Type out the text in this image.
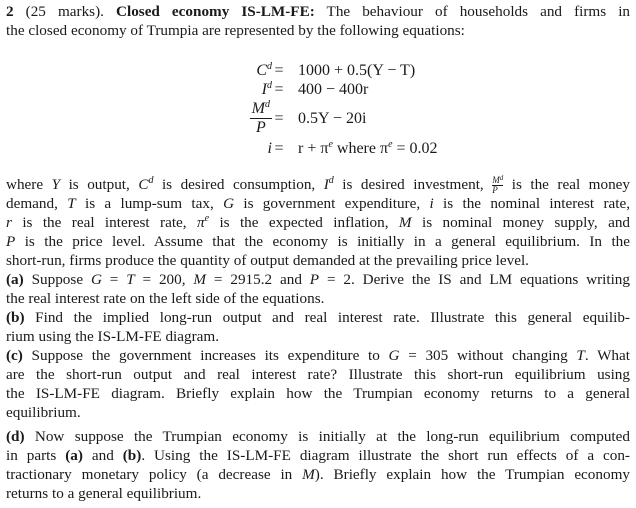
2 (25 marks). Closed economy IS-LM-FE: The behaviour of households and firms in
the closed economy of Trumpia are represented by the following equations:
$C^d = 1000 + 0.5(Y - T)$
$I^d = 400 - 400r$
$\frac{M^d}{P} = 0.5Y - 20i$
$i = r + \pi^e$ where $\pi^e = 0.02$
where Y is output, $C^d$ is desired consumption, $I^d$ is desired investment, $\frac{M^d}{P}$ is the real money
demand, T is a lump-sum tax, G is government expenditure, i is the nominal interest rate,
r is the real interest rate, $\pi^e$ is the expected inflation, M is nominal money supply, and
P is the price level. Assume that the economy is initially in a general equilibrium. In the
short-run, firms produce the quantity of output demanded at the prevailing price level.
(a) Suppose G = T = 200, M = 2915.2 and P = 2. Derive the IS and LM equations writing
the real interest rate on the left side of the equations.
(b) Find the implied long-run output and real interest rate. Illustrate this general equilib-
rium using the IS-LM-FE diagram.
(c) Suppose the government increases its expenditure to G = 305 without changing T. What
are the short-run output and real interest rate? Illustrate this short-run equilibrium using
the IS-LM-FE diagram. Briefly explain how the Trumpian economy returns to a general
equilibrium.
(d) Now suppose the Trumpian economy is initially at the long-run equilibrium computed
in parts (a) and (b). Using the IS-LM-FE diagram illustrate the short run effects of a con-
tractionary monetary policy (a decrease in M). Briefly explain how the Trumpian economy
returns to a general equilibrium.
